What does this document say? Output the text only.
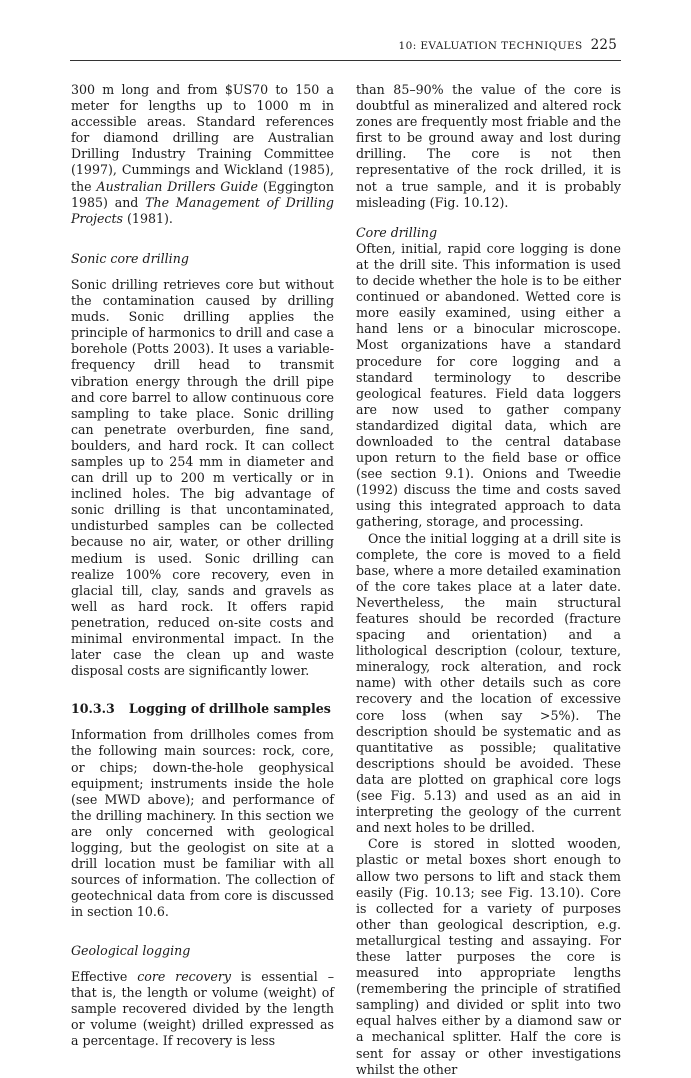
10: EVALUATION TECHNIQUES 225

300 m long and from $US70 to 150 a meter for lengths up to 1000 m in accessible areas. Standard references for diamond drilling are Australian Drilling Industry Training Committee (1997), Cummings and Wickland (1985), the Australian Drillers Guide (Eggington 1985) and The Management of Drilling Projects (1981).

Sonic core drilling

Sonic drilling retrieves core but without the contamination caused by drilling muds. Sonic drilling applies the principle of harmonics to drill and case a borehole (Potts 2003). It uses a variable-frequency drill head to transmit vibration energy through the drill pipe and core barrel to allow continuous core sampling to take place. Sonic drilling can penetrate overburden, fine sand, boulders, and hard rock. It can collect samples up to 254 mm in diameter and can drill up to 200 m vertically or in inclined holes. The big advantage of sonic drilling is that uncontaminated, undisturbed samples can be collected because no air, water, or other drilling medium is used. Sonic drilling can realize 100% core recovery, even in glacial till, clay, sands and gravels as well as hard rock. It offers rapid penetration, reduced on-site costs and minimal environmental impact. In the later case the clean up and waste disposal costs are significantly lower.

10.3.3 Logging of drillhole samples

Information from drillholes comes from the following main sources: rock, core, or chips; down-the-hole geophysical equipment; instruments inside the hole (see MWD above); and performance of the drilling machinery. In this section we are only concerned with geological logging, but the geologist on site at a drill location must be familiar with all sources of information. The collection of geotechnical data from core is discussed in section 10.6.

Geological logging

Effective core recovery is essential – that is, the length or volume (weight) of sample recovered divided by the length or volume (weight) drilled expressed as a percentage. If recovery is less

than 85–90% the value of the core is doubtful as mineralized and altered rock zones are frequently most friable and the first to be ground away and lost during drilling. The core is not then representative of the rock drilled, it is not a true sample, and it is probably misleading (Fig. 10.12).

Core drilling

Often, initial, rapid core logging is done at the drill site. This information is used to decide whether the hole is to be either continued or abandoned. Wetted core is more easily examined, using either a hand lens or a binocular microscope. Most organizations have a standard procedure for core logging and a standard terminology to describe geological features. Field data loggers are now used to gather company standardized digital data, which are downloaded to the central database upon return to the field base or office (see section 9.1). Onions and Tweedie (1992) discuss the time and costs saved using this integrated approach to data gathering, storage, and processing.

Once the initial logging at a drill site is complete, the core is moved to a field base, where a more detailed examination of the core takes place at a later date. Nevertheless, the main structural features should be recorded (fracture spacing and orientation) and a lithological description (colour, texture, mineralogy, rock alteration, and rock name) with other details such as core recovery and the location of excessive core loss (when say >5%). The description should be systematic and as quantitative as possible; qualitative descriptions should be avoided. These data are plotted on graphical core logs (see Fig. 5.13) and used as an aid in interpreting the geology of the current and next holes to be drilled.

Core is stored in slotted wooden, plastic or metal boxes short enough to allow two persons to lift and stack them easily (Fig. 10.13; see Fig. 13.10). Core is collected for a variety of purposes other than geological description, e.g. metallurgical testing and assaying. For these latter purposes the core is measured into appropriate lengths (remembering the principle of stratified sampling) and divided or split into two equal halves either by a diamond saw or a mechanical splitter. Half the core is sent for assay or other investigations whilst the other
